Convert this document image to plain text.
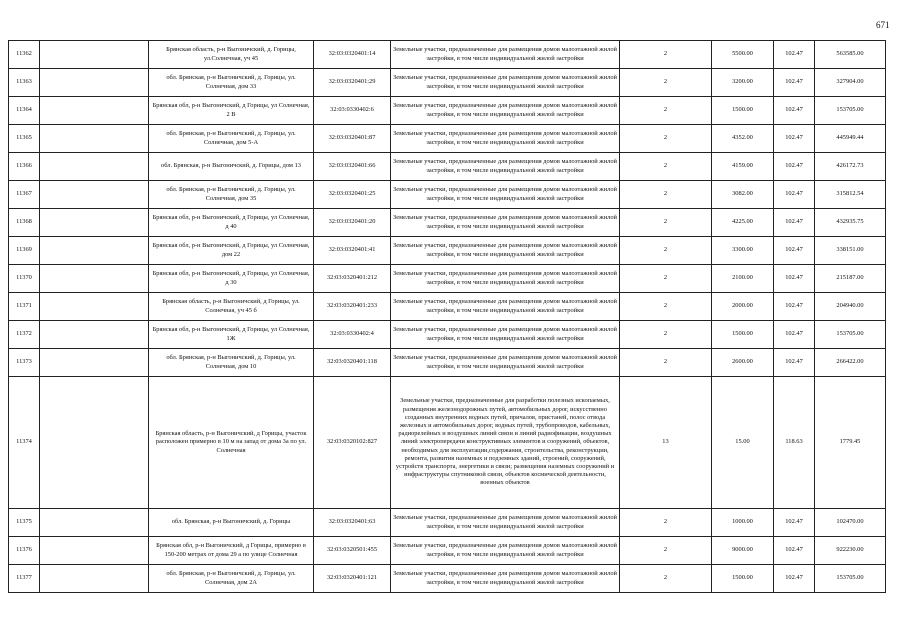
671
11362		Брянская область, р-н Выгоничский, д. Горицы, ул.Солнечная, уч 45	32:03:0320401:14	Земельные участки, предназначенные для размещения домов малоэтажной жилой застройки, в том числе индивидуальной жилой застройки	2	5500.00	102.47	563585.00
11363		обл. Брянская, р-н Выгоничский, д. Горицы, ул. Солнечная, дом 33	32:03:0320401:29	Земельные участки, предназначенные для размещения домов малоэтажной жилой застройки, в том числе индивидуальной жилой застройки	2	3200.00	102.47	327904.00
11364		Брянская обл, р-н Выгоничский, д Горицы, ул Солнечная, 2 В	32:03:0330402:6	Земельные участки, предназначенные для размещения домов малоэтажной жилой застройки, в том числе индивидуальной жилой застройки	2	1500.00	102.47	153705.00
11365		обл. Брянская, р-н Выгоничский, д. Горицы, ул. Солнечная, дом 5-А	32:03:0320401:87	Земельные участки, предназначенные для размещения домов малоэтажной жилой застройки, в том числе индивидуальной жилой застройки	2	4352.00	102.47	445949.44
11366		обл. Брянская, р-н Выгоничский, д. Горицы, дом 13	32:03:0320401:66	Земельные участки, предназначенные для размещения домов малоэтажной жилой застройки, в том числе индивидуальной жилой застройки	2	4159.00	102.47	426172.73
11367		обл. Брянская, р-н Выгоничский, д. Горицы, ул. Солнечная, дом 35	32:03:0320401:25	Земельные участки, предназначенные для размещения домов малоэтажной жилой застройки, в том числе индивидуальной жилой застройки	2	3082.00	102.47	315812.54
11368		Брянская обл, р-н Выгоничский, д Горицы, ул Солнечная, д 40	32:03:0320401:20	Земельные участки, предназначенные для размещения домов малоэтажной жилой застройки, в том числе индивидуальной жилой застройки	2	4225.00	102.47	432935.75
11369		Брянская обл, р-н Выгоничский, д Горицы, ул Солнечная, дом 22	32:03:0320401:41	Земельные участки, предназначенные для размещения домов малоэтажной жилой застройки, в том числе индивидуальной жилой застройки	2	3300.00	102.47	338151.00
11370		Брянская обл, р-н Выгоничский, д Горицы, ул Солнечная, д 30	32:03:0320401:212	Земельные участки, предназначенные для размещения домов малоэтажной жилой застройки, в том числе индивидуальной жилой застройки	2	2100.00	102.47	215187.00
11371		Брянская область, р-н Выгоничский, д Горицы, ул. Солнечная, уч 45 б	32:03:0320401:233	Земельные участки, предназначенные для размещения домов малоэтажной жилой застройки, в том числе индивидуальной жилой застройки	2	2000.00	102.47	204940.00
11372		Брянская обл, р-н Выгоничский, д Горицы, ул Солнечная, 1Ж	32:03:0330402:4	Земельные участки, предназначенные для размещения домов малоэтажной жилой застройки, в том числе индивидуальной жилой застройки	2	1500.00	102.47	153705.00
11373		обл. Брянская, р-н Выгоничский, д. Горицы, ул. Солнечная, дом 10	32:03:0320401:118	Земельные участки, предназначенные для размещения домов малоэтажной жилой застройки, в том числе индивидуальной жилой застройки	2	2600.00	102.47	266422.00
11374		Брянская область, р-н Выгоничский, д Горицы, участок расположен примерно в 10 м на запад от дома 3а по ул. Солнечная	32:03:0320102:827	Земельные участки, предназначенные для разработки полезных ископаемых, размещения железнодорожных путей, автомобильных дорог, искусственно созданных внутренних водных путей, причалов, пристаней, полос отвода железных и автомобильных дорог, водных путей, трубопроводов, кабельных, радиорелейных и воздушных линий связи и линий радиофикации, воздушных линий электропередачи конструктивных элементов и сооружений, объектов, необходимых для эксплуатации,содержания, строительства, реконструкции, ремонта, развития наземных и подземных зданий, строений, сооружений, устройств транспорта, энергетики и связи; размещения наземных сооружений и инфраструктуры спутниковой связи, объектов космической деятельности, военных объектов	13	15.00	118.63	1779.45
11375		обл. Брянская, р-н Выгоничский, д. Горицы	32:03:0320401:63	Земельные участки, предназначенные для размещения домов малоэтажной жилой застройки, в том числе индивидуальной жилой застройки	2	1000.00	102.47	102470.00
11376		Брянская обл, р-н Выгоничский, д Горицы, примерно в 150-200 метрах от дома 29 а по улице Солнечная	32:03:0320501:455	Земельные участки, предназначенные для размещения домов малоэтажной жилой застройки, в том числе индивидуальной жилой застройки	2	9000.00	102.47	922230.00
11377		обл. Брянская, р-н Выгоничский, д. Горицы, ул. Солнечная, дом 2А	32:03:0320401:121	Земельные участки, предназначенные для размещения домов малоэтажной жилой застройки, в том числе индивидуальной жилой застройки	2	1500.00	102.47	153705.00
